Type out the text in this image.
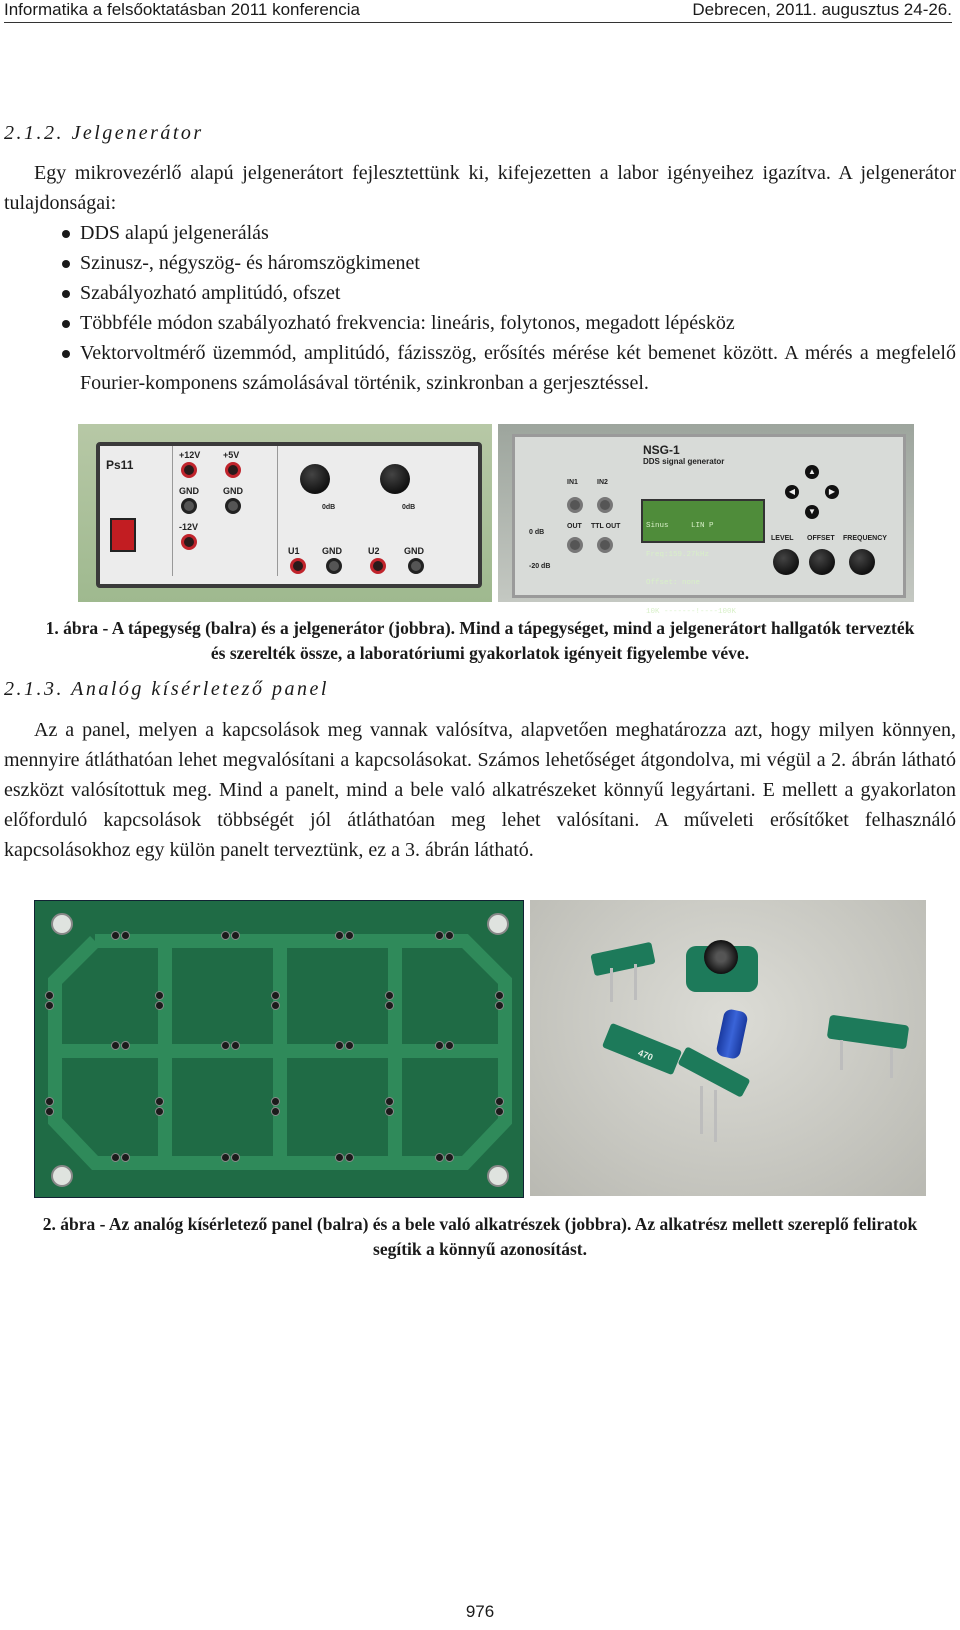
Informatika a felsőoktatásban 2011 konferencia	Debrecen, 2011. augusztus 24-26.
2.1.2. Jelgenerátor
Egy mikrovezérlő alapú jelgenerátort fejlesztettünk ki, kifejezetten a labor igényeihez igazítva. A jelgenerátor tulajdonságai:
DDS alapú jelgenerálás
Szinusz-, négyszög- és háromszögkimenet
Szabályozható amplitúdó, ofszet
Többféle módon szabályozható frekvencia: lineáris, folytonos, megadott lépésköz
Vektorvoltmérő üzemmód, amplitúdó, fázisszög, erősítés mérése két bemenet között. A mérés a megfelelő Fourier-komponens számolásával történik, szinkronban a gerjesztéssel.
Ps11
+12V	+5V
GND	GND
-12V
0dB	0dB
U1 GND	U2	GND
NSG-1
DDS signal generator
IN1	IN2
OUT TTL OUT
0 dB
-20 dB

Sinus     LIN P

Freq:159.27kHz

Offset: none

10K -------!----100K

▲
◀	▶
▼
LEVEL OFFSET FREQUENCY
1. ábra - A tápegység (balra) és a jelgenerátor (jobbra). Mind a tápegységet, mind a jelgenerátort hallgatók tervezték és szerelték össze, a laboratóriumi gyakorlatok igényeit figyelembe véve.
2.1.3. Analóg kísérletező panel
Az a panel, melyen a kapcsolások meg vannak valósítva, alapvetően meghatározza azt, hogy milyen könnyen, mennyire átláthatóan lehet megvalósítani a kapcsolásokat. Számos lehetőséget átgondolva, mi végül a 2. ábrán látható eszközt valósítottuk meg. Mind a panelt, mind a bele való alkatrészeket könnyű legyártani. E mellett a gyakorlaton előforduló kapcsolások többségét jól átláthatóan meg lehet valósítani. A műveleti erősítőket felhasználó kapcsolásokhoz egy külön panelt terveztünk, ez a 3. ábrán látható.
470
2. ábra - Az analóg kísérletező panel (balra) és a bele való alkatrészek (jobbra). Az alkatrész mellett szereplő feliratok segítik a könnyű azonosítást.
976
